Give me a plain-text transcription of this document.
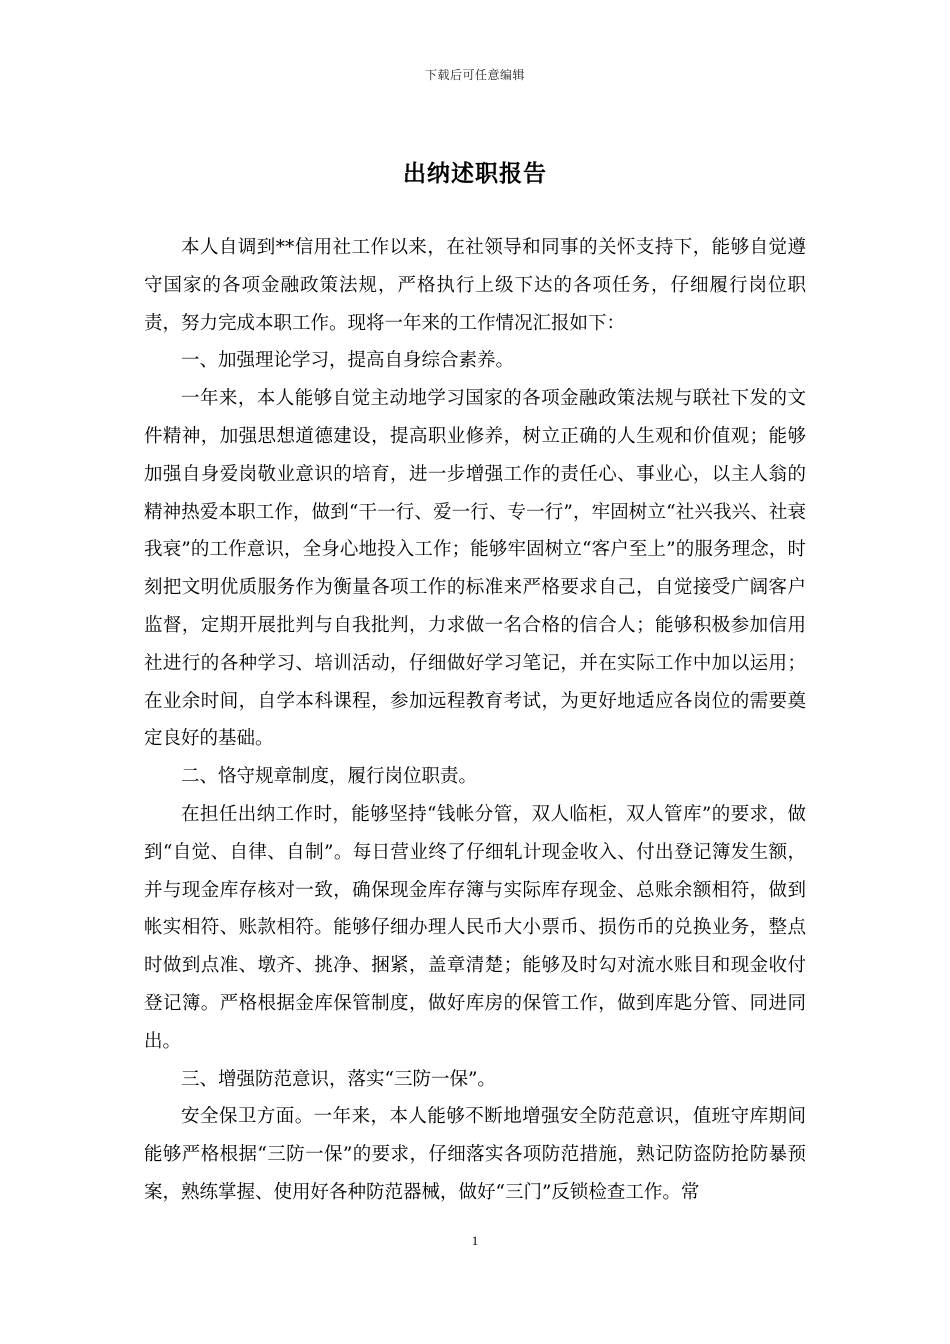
下载后可任意编辑
出纳述职报告

本人自调到**信用社工作以来，在社领导和同事的关怀支持下，能够自觉遵守国家的各项金融政策法规，严格执行上级下达的各项任务，仔细履行岗位职责，努力完成本职工作。现将一年来的工作情况汇报如下：

一、加强理论学习，提高自身综合素养。

一年来，本人能够自觉主动地学习国家的各项金融政策法规与联社下发的文件精神，加强思想道德建设，提高职业修养，树立正确的人生观和价值观；能够加强自身爱岗敬业意识的培育，进一步增强工作的责任心、事业心，以主人翁的精神热爱本职工作，做到“干一行、爱一行、专一行”，牢固树立“社兴我兴、社衰我衰”的工作意识，全身心地投入工作；能够牢固树立“客户至上”的服务理念，时刻把文明优质服务作为衡量各项工作的标准来严格要求自己，自觉接受广阔客户监督，定期开展批判与自我批判，力求做一名合格的信合人；能够积极参加信用社进行的各种学习、培训活动，仔细做好学习笔记，并在实际工作中加以运用；在业余时间，自学本科课程，参加远程教育考试，为更好地适应各岗位的需要奠定良好的基础。

二、恪守规章制度，履行岗位职责。

在担任出纳工作时，能够坚持“钱帐分管，双人临柜，双人管库”的要求，做到“自觉、自律、自制”。每日营业终了仔细轧计现金收入、付出登记簿发生额，并与现金库存核对一致，确保现金库存簿与实际库存现金、总账余额相符，做到帐实相符、账款相符。能够仔细办理人民币大小票币、损伤币的兑换业务，整点时做到点准、墩齐、挑净、捆紧，盖章清楚；能够及时勾对流水账目和现金收付登记簿。严格根据金库保管制度，做好库房的保管工作，做到库匙分管、同进同出。

三、增强防范意识，落实“三防一保”。

安全保卫方面。一年来，本人能够不断地增强安全防范意识，值班守库期间能够严格根据“三防一保”的要求，仔细落实各项防范措施，熟记防盗防抢防暴预案，熟练掌握、使用好各种防范器械，做好“三门”反锁检查工作。常

1
